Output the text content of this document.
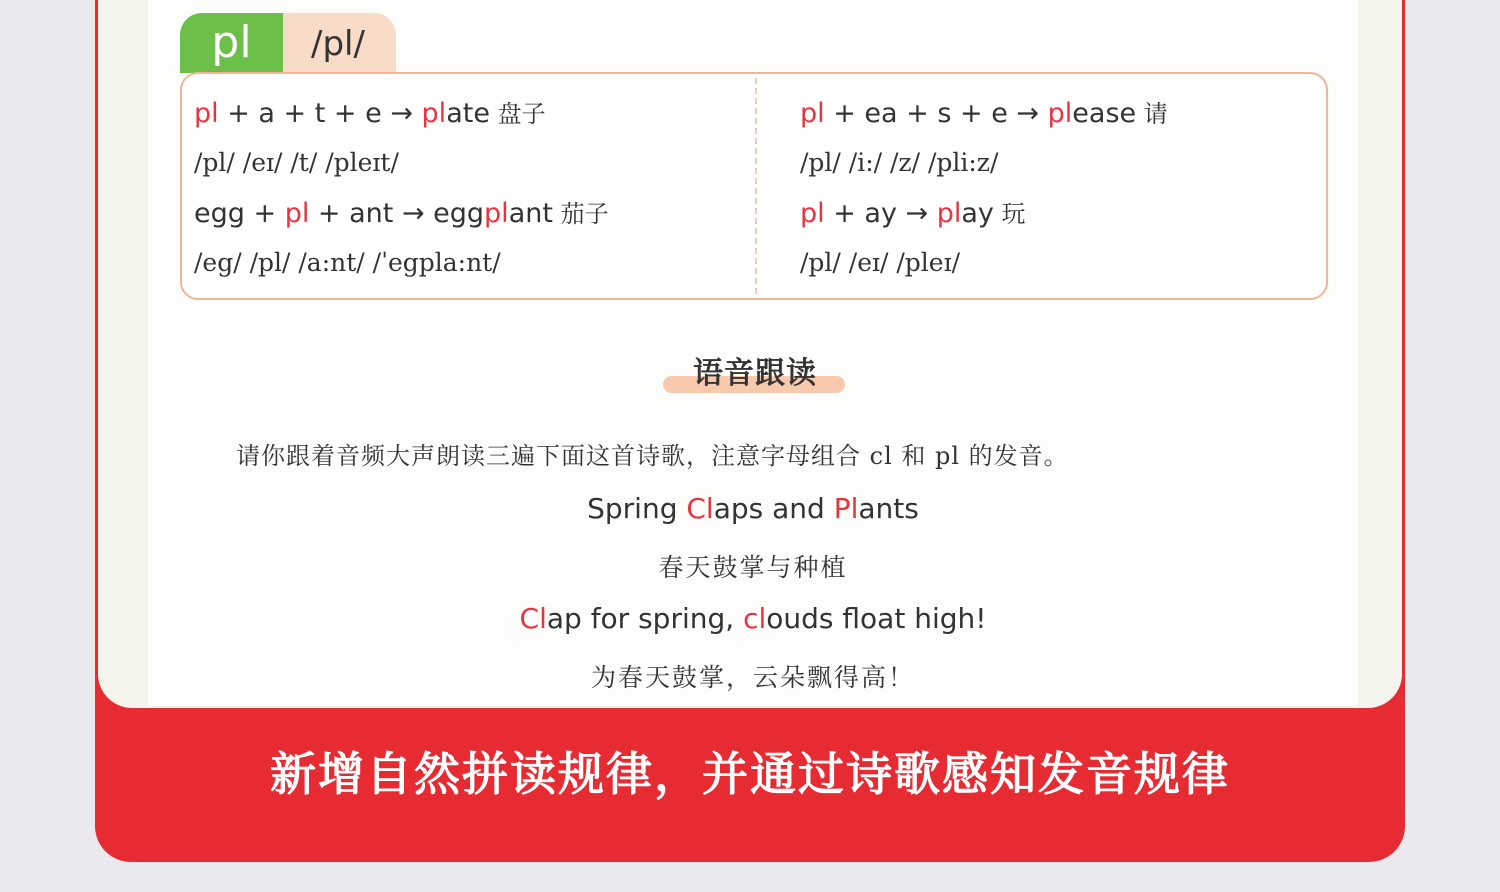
pl	/pl/
pl + a + t + e → plate 盘子
/pl/ /eɪ/ /t/ /pleɪt/
egg + pl + ant → eggplant 茄子
/eg/ /pl/ /a:nt/ /ˈegpla:nt/
pl + ea + s + e → please 请
/pl/ /i:/ /z/ /pli:z/
pl + ay → play 玩
/pl/ /eɪ/ /pleɪ/
语音跟读
请你跟着音频大声朗读三遍下面这首诗歌，注意字母组合 cl 和 pl 的发音。
Spring Claps and Plants
春天鼓掌与种植
Clap for spring, clouds float high!
为春天鼓掌，云朵飘得高！
新增自然拼读规律，并通过诗歌感知发音规律
